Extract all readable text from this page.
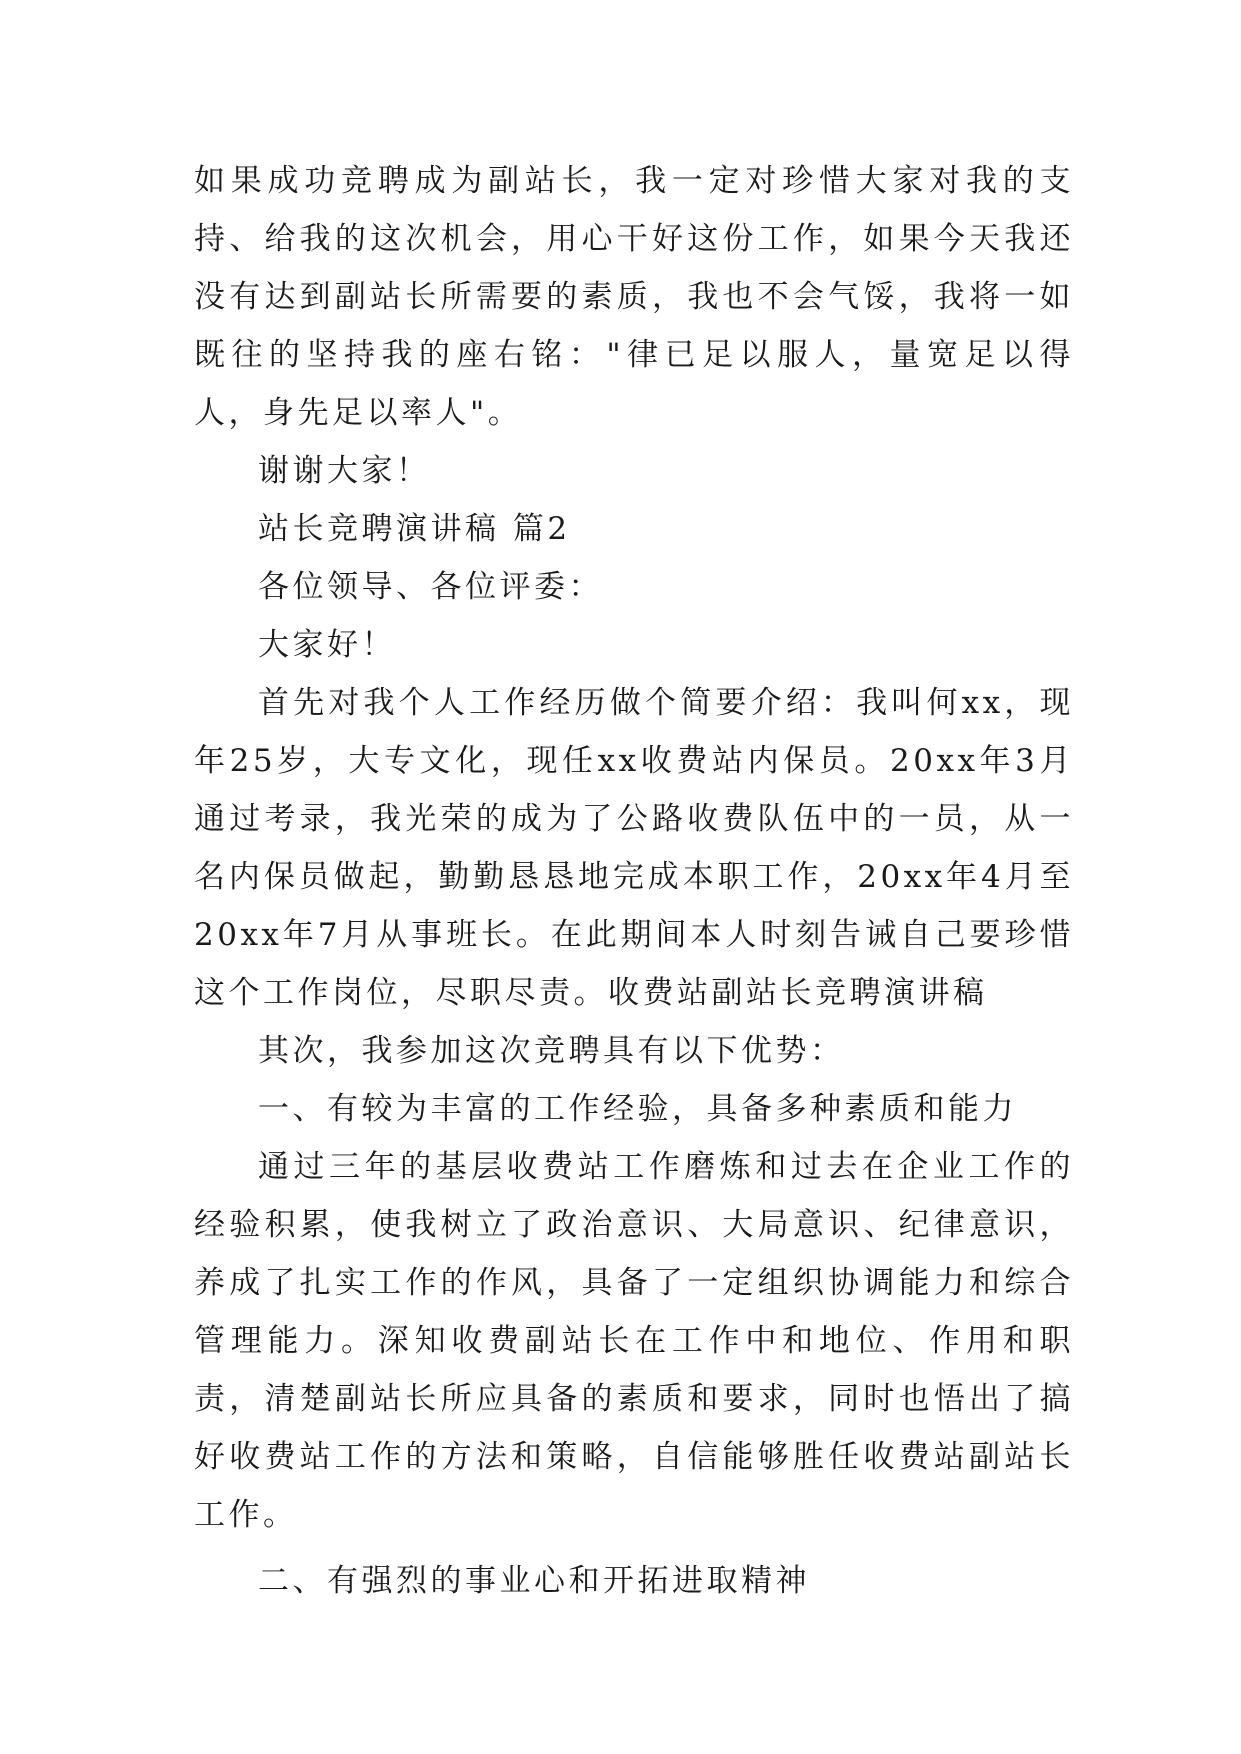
如果成功竞聘成为副站长，我一定对珍惜大家对我的支持、给我的这次机会，用心干好这份工作，如果今天我还没有达到副站长所需要的素质，我也不会气馁，我将一如既往的坚持我的座右铭："律已足以服人，量宽足以得人，身先足以率人"。

谢谢大家！

站长竞聘演讲稿 篇2

各位领导、各位评委：

大家好！

首先对我个人工作经历做个简要介绍：我叫何xx，现年25岁，大专文化，现任xx收费站内保员。20xx年3月通过考录，我光荣的成为了公路收费队伍中的一员，从一名内保员做起，勤勤恳恳地完成本职工作，20xx年4月至20xx年7月从事班长。在此期间本人时刻告诫自己要珍惜这个工作岗位，尽职尽责。收费站副站长竞聘演讲稿

其次，我参加这次竞聘具有以下优势：

一、有较为丰富的工作经验，具备多种素质和能力

通过三年的基层收费站工作磨炼和过去在企业工作的经验积累，使我树立了政治意识、大局意识、纪律意识，养成了扎实工作的作风，具备了一定组织协调能力和综合管理能力。深知收费副站长在工作中和地位、作用和职责，清楚副站长所应具备的素质和要求，同时也悟出了搞好收费站工作的方法和策略，自信能够胜任收费站副站长工作。

二、有强烈的事业心和开拓进取精神
